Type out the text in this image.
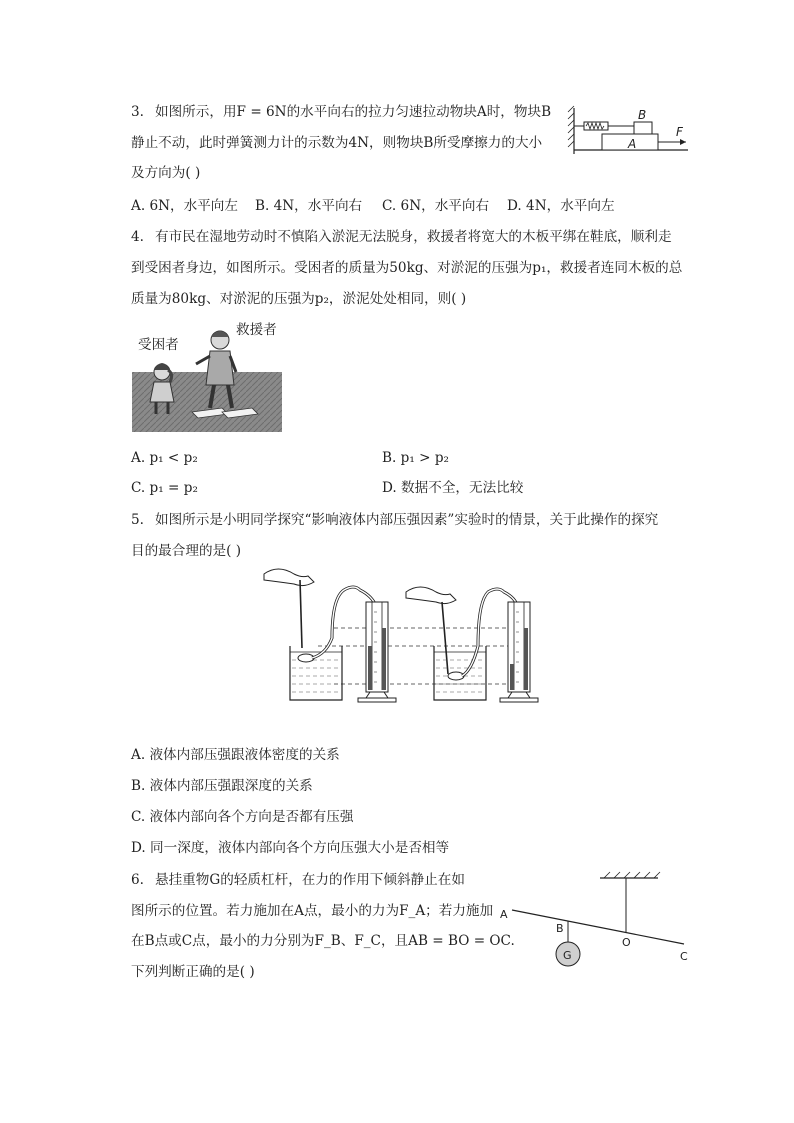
3. 如图所示，用F = 6N的水平向右的拉力匀速拉动物块A时，物块B
静止不动，此时弹簧测力计的示数为4N，则物块B所受摩擦力的大小
及方向为( )
B
A
F
A. 6N，水平向左 B. 4N，水平向右 C. 6N，水平向右 D. 4N，水平向左
4. 有市民在湿地劳动时不慎陷入淤泥无法脱身，救援者将宽大的木板平绑在鞋底，顺利走
到受困者身边，如图所示。受困者的质量为50kg、对淤泥的压强为p₁，救援者连同木板的总
质量为80kg、对淤泥的压强为p₂，淤泥处处相同，则( )
受困者
救援者
A. p₁ < p₂	B. p₁ > p₂
C. p₁ = p₂	D. 数据不全，无法比较
5. 如图所示是小明同学探究“影响液体内部压强因素”实验时的情景，关于此操作的探究
目的最合理的是( )
A. 液体内部压强跟液体密度的关系
B. 液体内部压强跟深度的关系
C. 液体内部向各个方向是否都有压强
D. 同一深度，液体内部向各个方向压强大小是否相等
6. 悬挂重物G的轻质杠杆，在力的作用下倾斜静止在如
图所示的位置。若力施加在A点，最小的力为F_A；若力施加
在B点或C点，最小的力分别为F_B、F_C，且AB = BO = OC.
下列判断正确的是( )
G
A
B
O
C
